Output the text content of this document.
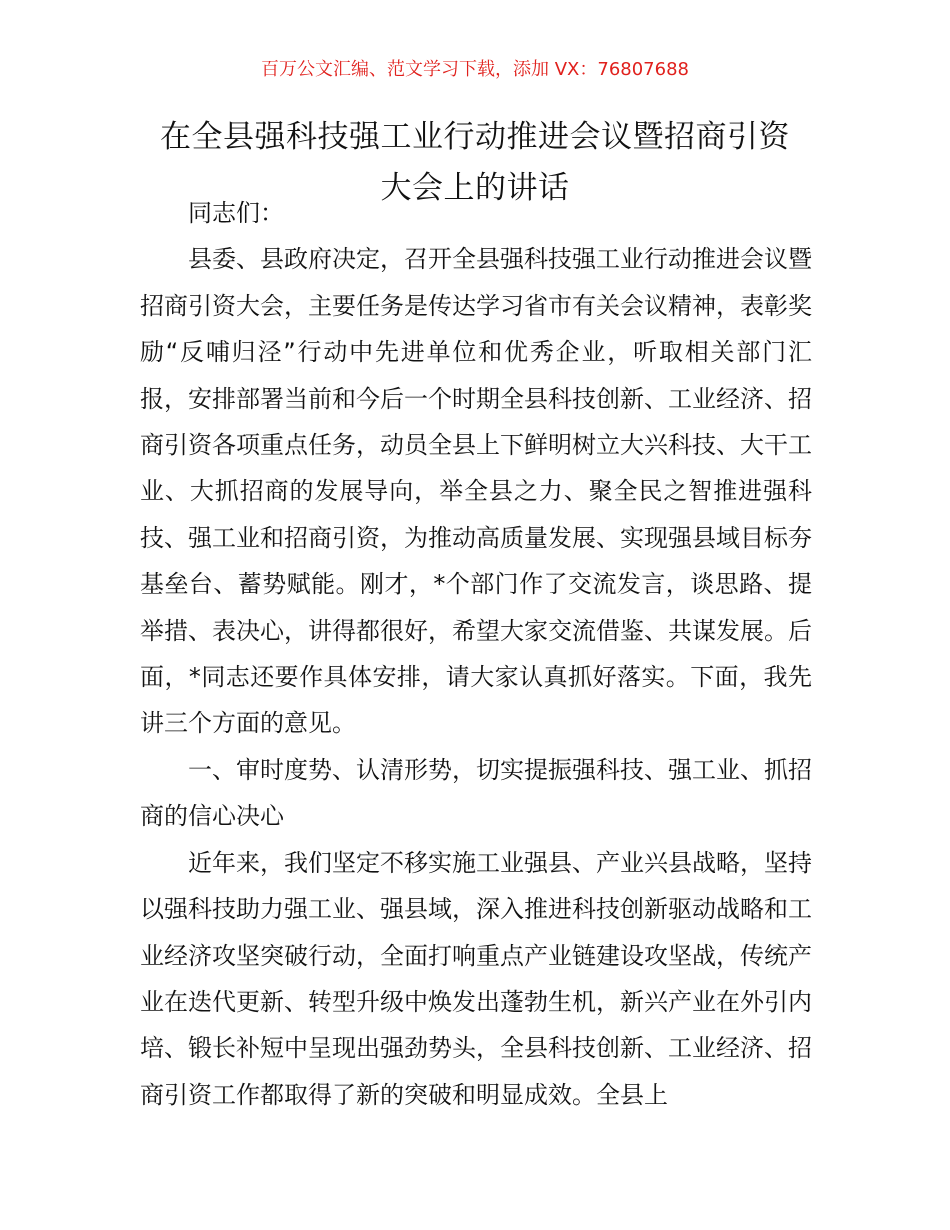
百万公文汇编、范文学习下载，添加 VX：76807688
在全县强科技强工业行动推进会议暨招商引资
大会上的讲话

同志们：

县委、县政府决定，召开全县强科技强工业行动推进会议暨招商引资大会，主要任务是传达学习省市有关会议精神，表彰奖励“反哺归泾”行动中先进单位和优秀企业，听取相关部门汇报，安排部署当前和今后一个时期全县科技创新、工业经济、招商引资各项重点任务，动员全县上下鲜明树立大兴科技、大干工业、大抓招商的发展导向，举全县之力、聚全民之智推进强科技、强工业和招商引资，为推动高质量发展、实现强县域目标夯基垒台、蓄势赋能。刚才，*个部门作了交流发言，谈思路、提举措、表决心，讲得都很好，希望大家交流借鉴、共谋发展。后面，*同志还要作具体安排，请大家认真抓好落实。下面，我先讲三个方面的意见。

一、审时度势、认清形势，切实提振强科技、强工业、抓招商的信心决心

近年来，我们坚定不移实施工业强县、产业兴县战略，坚持以强科技助力强工业、强县域，深入推进科技创新驱动战略和工业经济攻坚突破行动，全面打响重点产业链建设攻坚战，传统产业在迭代更新、转型升级中焕发出蓬勃生机，新兴产业在外引内培、锻长补短中呈现出强劲势头，全县科技创新、工业经济、招商引资工作都取得了新的突破和明显成效。全县上
